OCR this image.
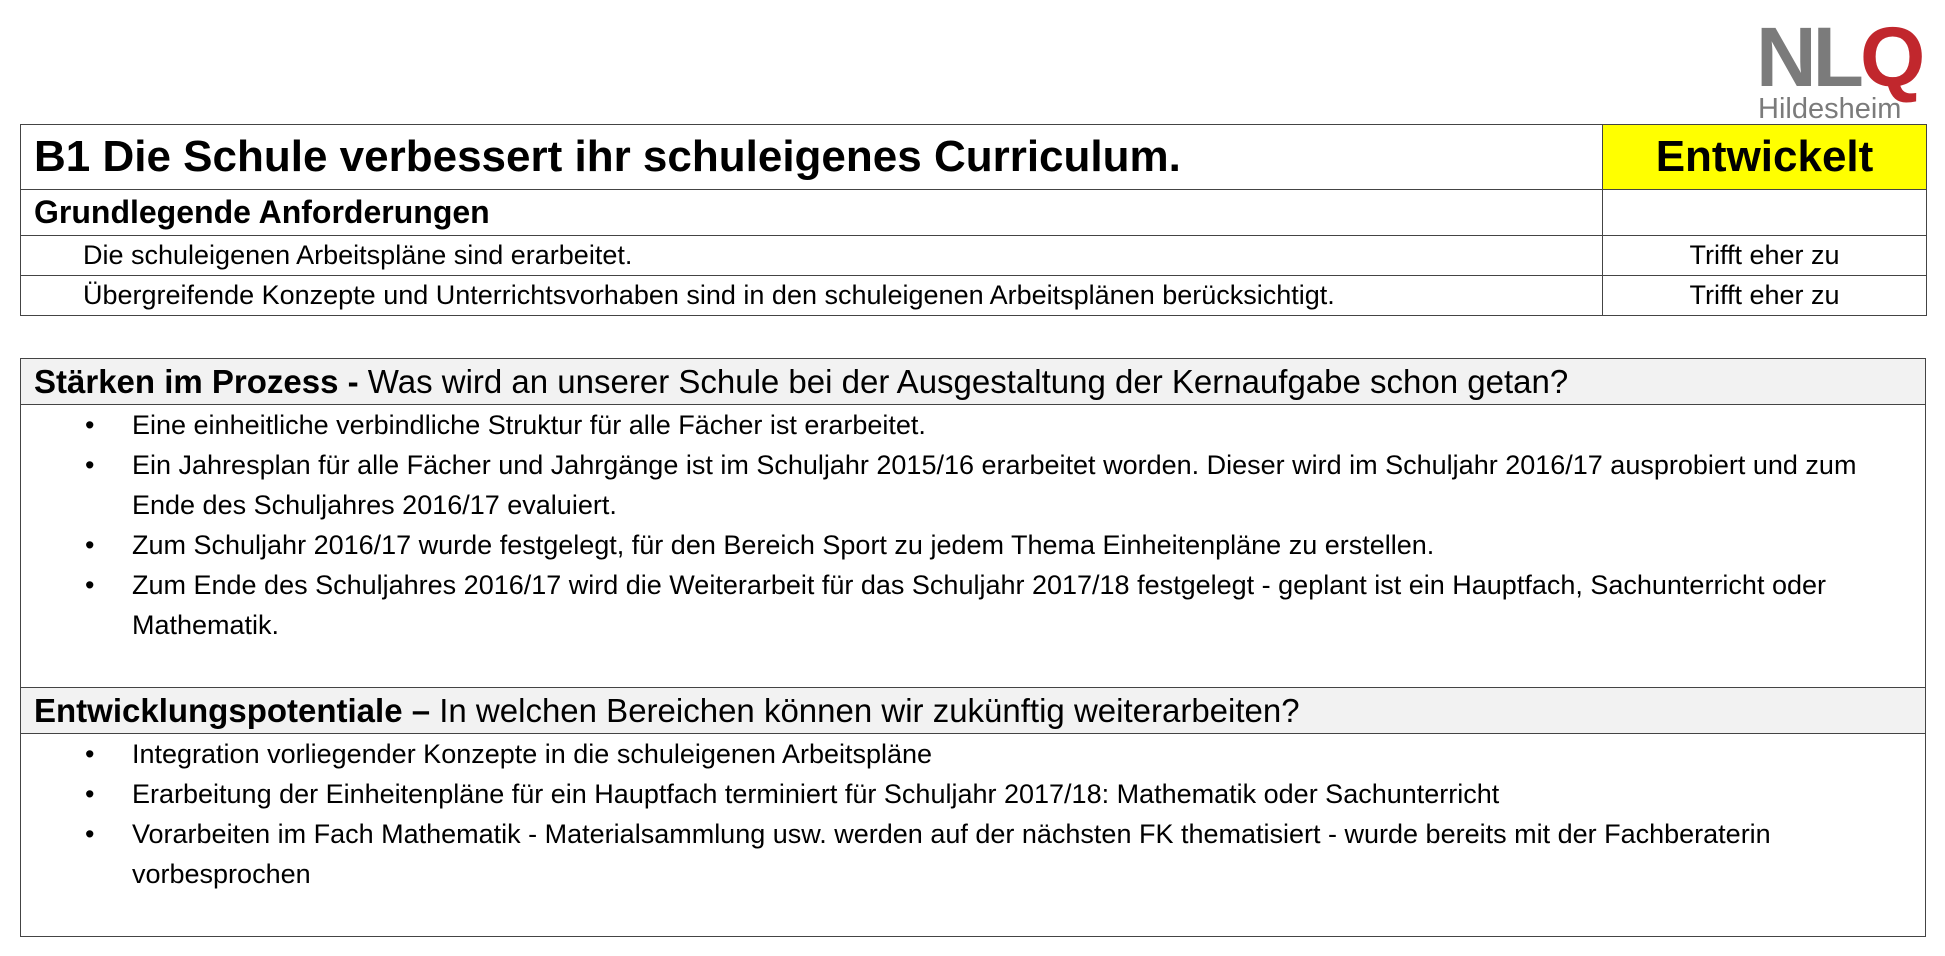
NLQ
Hildesheim
B1 Die Schule verbessert ihr schuleigenes Curriculum.	Entwickelt
Grundlegende Anforderungen	
Die schuleigenen Arbeitspläne sind erarbeitet.	Trifft eher zu
Übergreifende Konzepte und Unterrichtsvorhaben sind in den schuleigenen Arbeitsplänen berücksichtigt.	Trifft eher zu
Stärken im Prozess - Was wird an unserer Schule bei der Ausgestaltung der Kernaufgabe schon getan?

• Eine einheitliche verbindliche Struktur für alle Fächer ist erarbeitet.
• Ein Jahresplan für alle Fächer und Jahrgänge ist im Schuljahr 2015/16 erarbeitet worden. Dieser wird im Schuljahr 2016/17 ausprobiert und zum Ende des Schuljahres 2016/17 evaluiert.
• Zum Schuljahr 2016/17 wurde festgelegt, für den Bereich Sport zu jedem Thema Einheitenpläne zu erstellen.
• Zum Ende des Schuljahres 2016/17 wird die Weiterarbeit für das Schuljahr 2017/18 festgelegt - geplant ist ein Hauptfach, Sachunterricht oder Mathematik.

Entwicklungspotentiale – In welchen Bereichen können wir zukünftig weiterarbeiten?

• Integration vorliegender Konzepte in die schuleigenen Arbeitspläne
• Erarbeitung der Einheitenpläne für ein Hauptfach terminiert für Schuljahr 2017/18: Mathematik oder Sachunterricht
• Vorarbeiten im Fach Mathematik - Materialsammlung usw. werden auf der nächsten FK thematisiert - wurde bereits mit der Fachberaterin vorbesprochen
